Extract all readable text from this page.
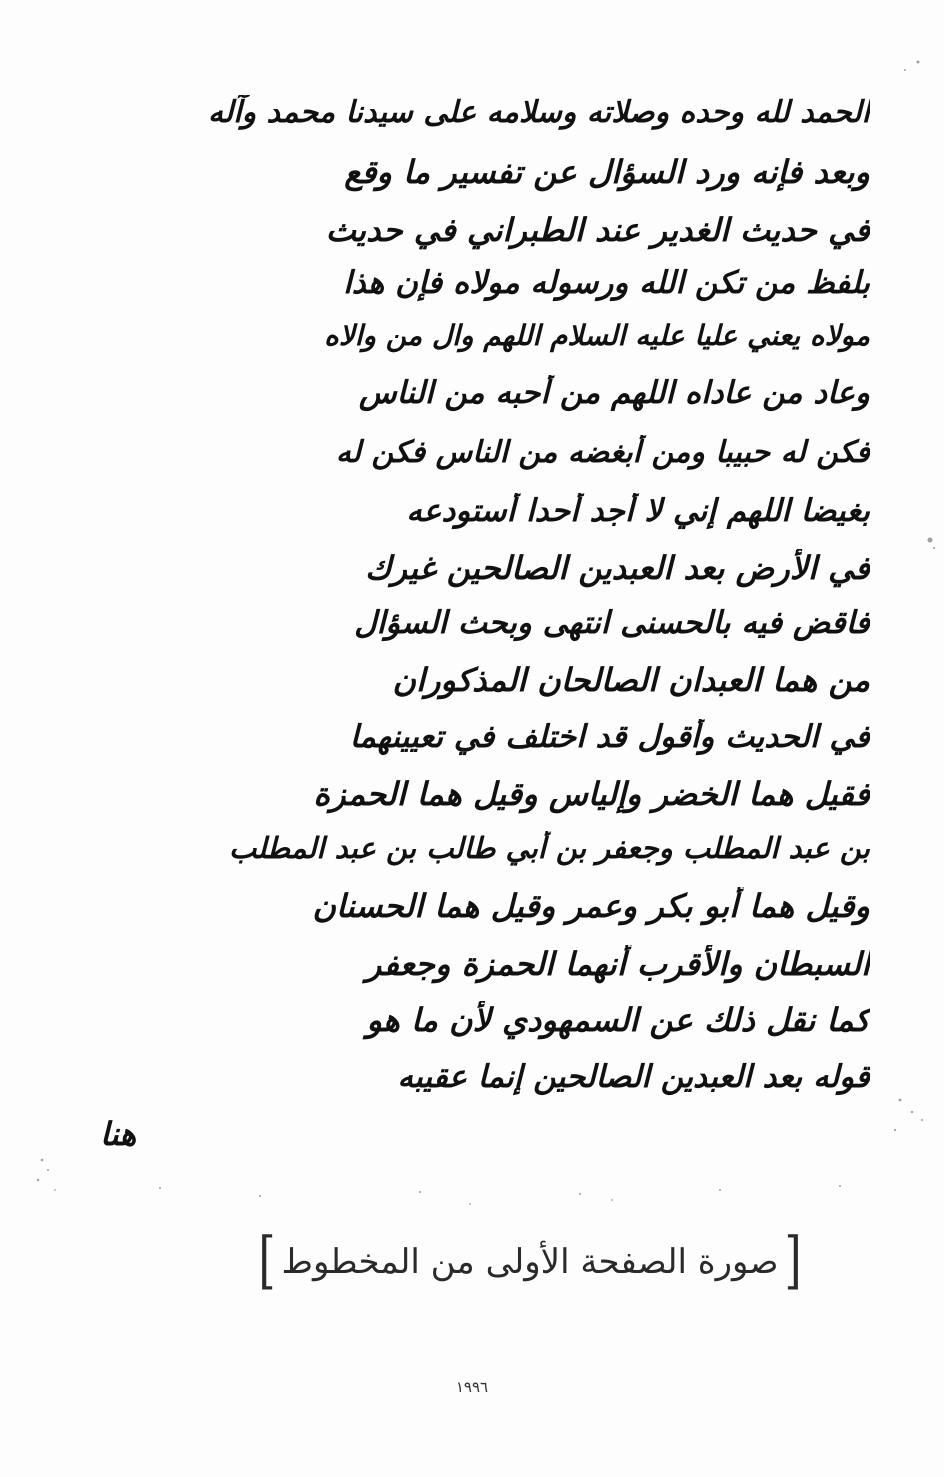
الحمد لله وحده وصلاته وسلامه على سيدنا محمد وآله
وبعد فإنه ورد السؤال عن تفسير ما وقع
في حديث الغدير عند الطبراني في حديث
بلفظ من تكن الله ورسوله مولاه فإن هذا
مولاه يعني عليا عليه السلام اللهم وال من والاه
وعاد من عاداه اللهم من أحبه من الناس
فكن له حبيبا ومن أبغضه من الناس فكن له
بغيضا اللهم إني لا أجد أحدا أستودعه
في الأرض بعد العبدين الصالحين غيرك
فاقض فيه بالحسنى انتهى وبحث السؤال
من هما العبدان الصالحان المذكوران
في الحديث وأقول قد اختلف في تعيينهما
فقيل هما الخضر وإلياس وقيل هما الحمزة
بن عبد المطلب وجعفر بن أبي طالب بن عبد المطلب
وقيل هما أبو بكر وعمر وقيل هما الحسنان
السبطان والأقرب أنهما الحمزة وجعفر
كما نقل ذلك عن السمهودي لأن ما هو
قوله بعد العبدين الصالحين إنما عقيبه
هنا
[
صورة الصفحة الأولى من المخطوط
]
١٩٩٦
